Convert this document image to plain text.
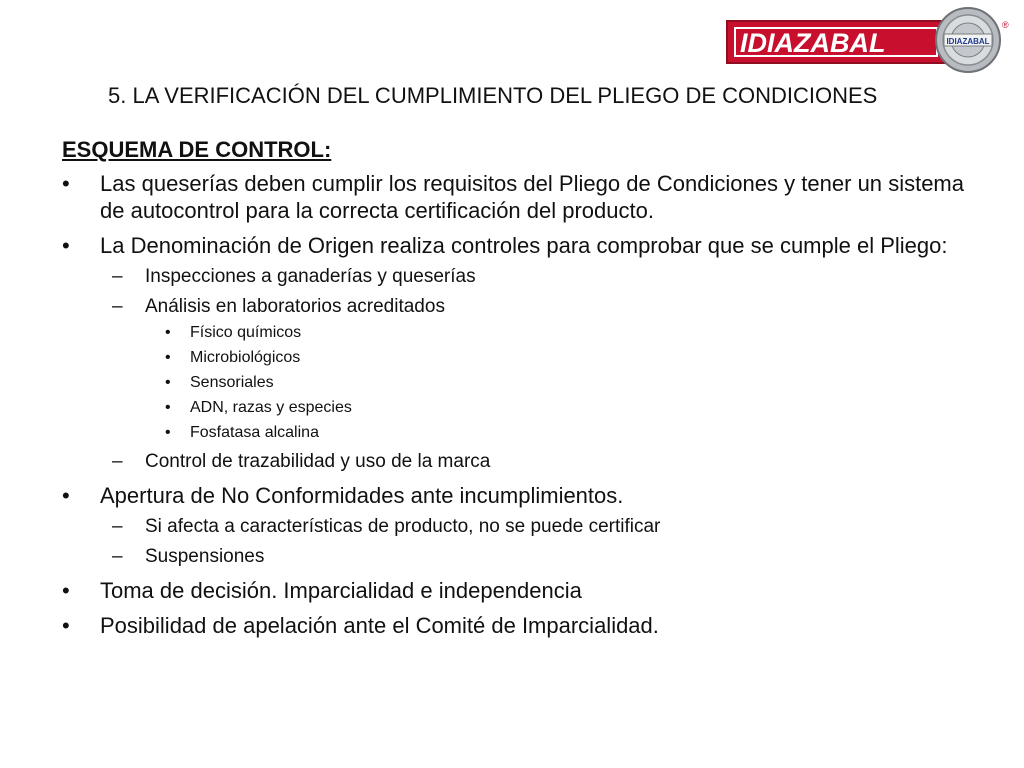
IDIAZABAL	IDIAZABAL
®
5. LA VERIFICACIÓN DEL CUMPLIMIENTO DEL PLIEGO DE CONDICIONES
ESQUEMA DE CONTROL:
• Las queserías deben cumplir los requisitos del Pliego de Condiciones y tener un sistema de autocontrol para la correcta certificación del producto.
• La Denominación de Origen realiza controles para comprobar que se cumple el Pliego:
– Inspecciones a ganaderías y queserías
– Análisis en laboratorios acreditados
• Físico químicos
• Microbiológicos
• Sensoriales
• ADN, razas y especies
• Fosfatasa alcalina
– Control de trazabilidad y uso de la marca
• Apertura de No Conformidades ante incumplimientos.
– Si afecta a características de producto, no se puede certificar
– Suspensiones
• Toma de decisión. Imparcialidad e independencia
• Posibilidad de apelación ante el Comité de Imparcialidad.
